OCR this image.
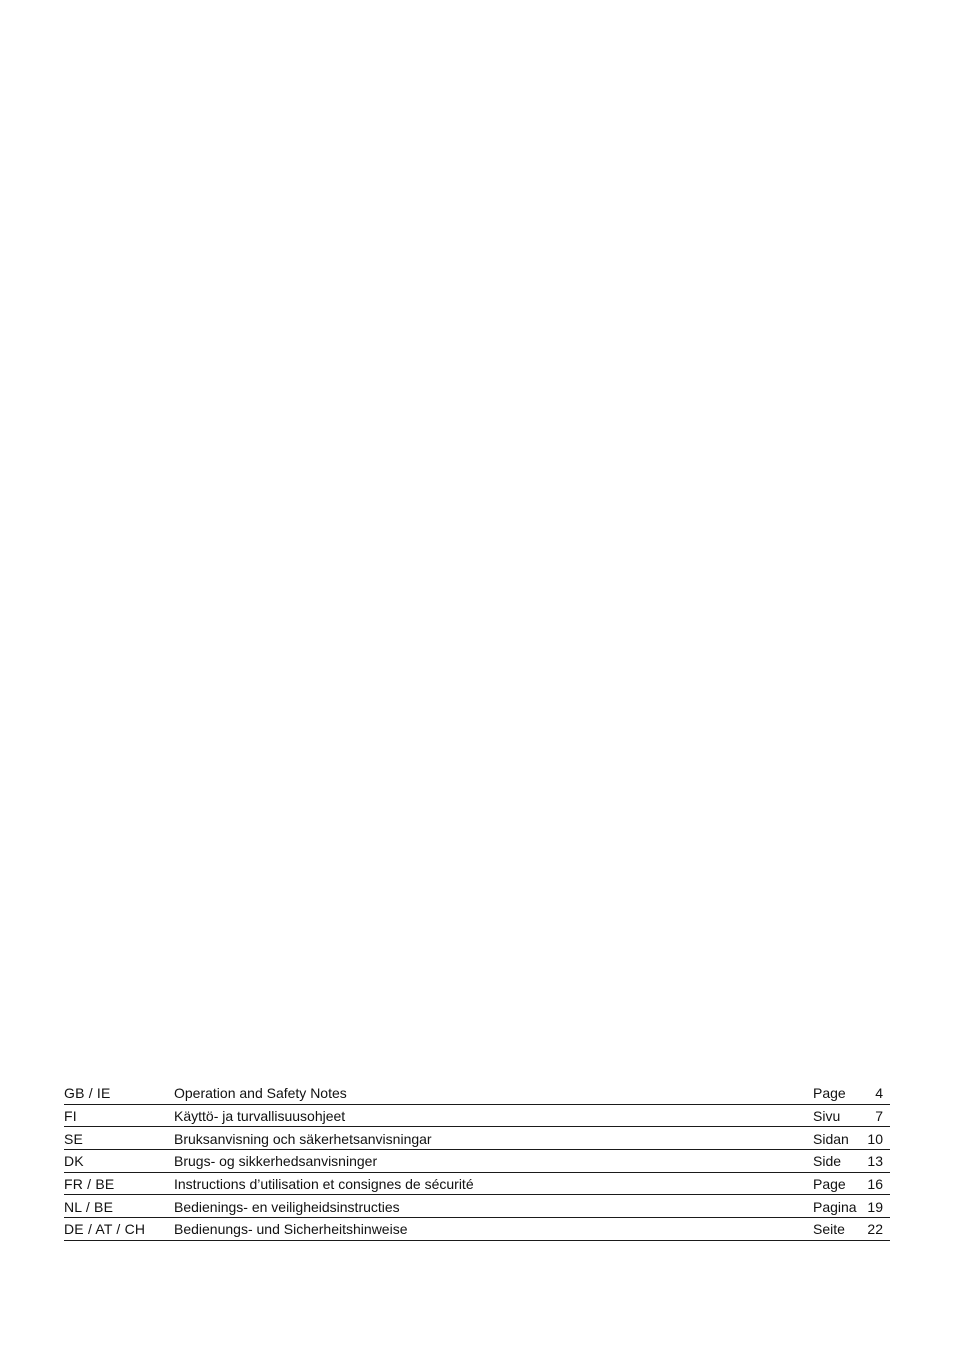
GB / IE	Operation and Safety Notes	Page	4
FI	Käyttö- ja turvallisuusohjeet	Sivu	7
SE	Bruksanvisning och säkerhetsanvisningar	Sidan	10
DK	Brugs- og sikkerhedsanvisninger	Side	13
FR / BE	Instructions d’utilisation et consignes de sécurité	Page	16
NL / BE	Bedienings- en veiligheidsinstructies	Pagina 19
DE / AT / CH	Bedienungs- und Sicherheitshinweise	Seite	22
